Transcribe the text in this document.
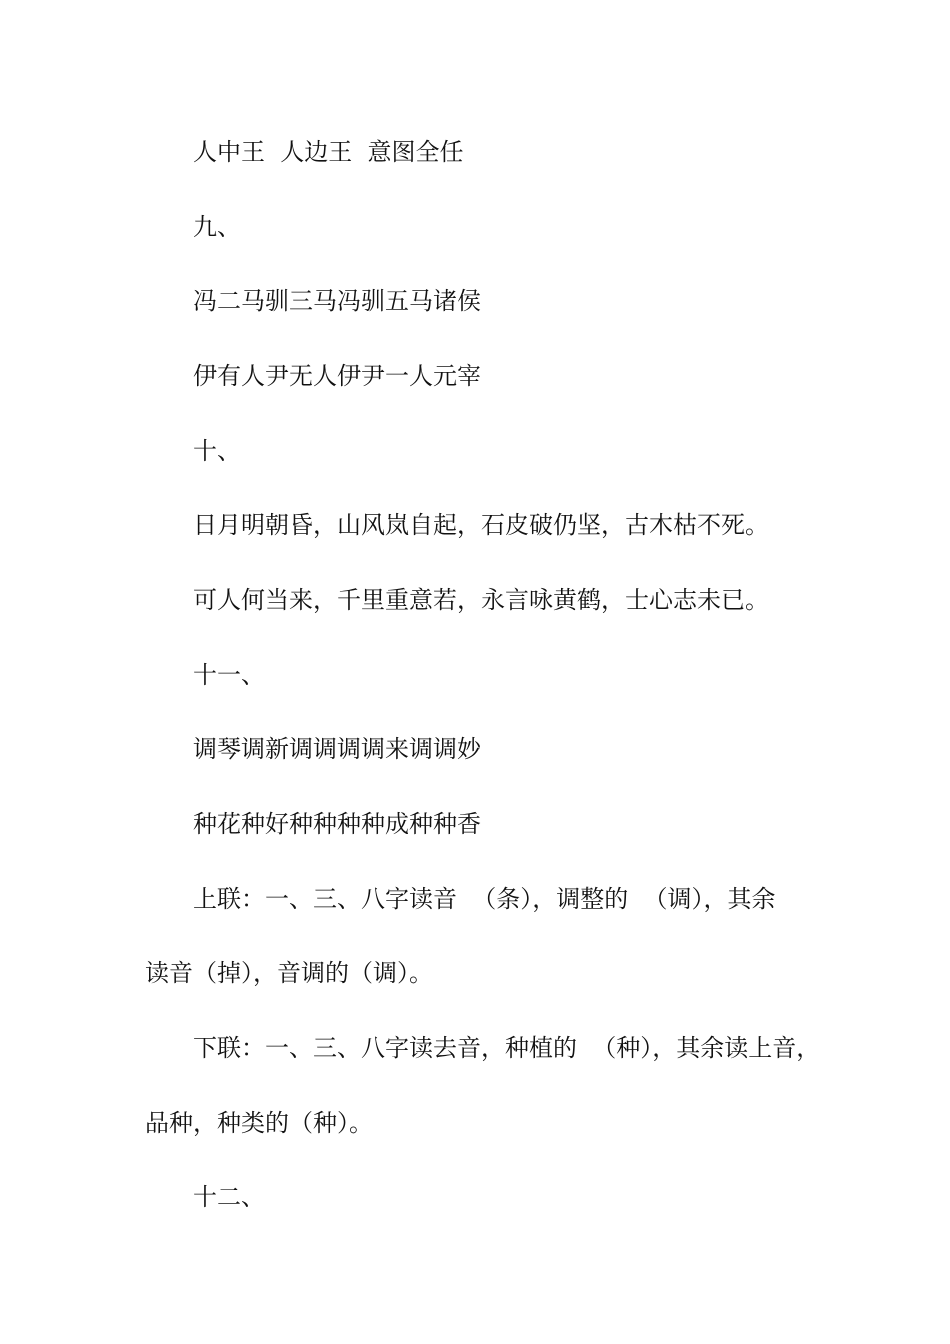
人中王  人边王  意图全任
九、
冯二马驯三马冯驯五马诸侯
伊有人尹无人伊尹一人元宰
十、
日月明朝昏，山风岚自起，石皮破仍坚，古木枯不死。
可人何当来，千里重意若，永言咏黄鹤，士心志未已。
十一、
调琴调新调调调调来调调妙
种花种好种种种种成种种香
上联：一、三、八字读音  （条），调整的  （调），其余
读音（掉），音调的（调）。
下联：一、三、八字读去音，种植的  （种），其余读上音，
品种，种类的（种）。
十二、
